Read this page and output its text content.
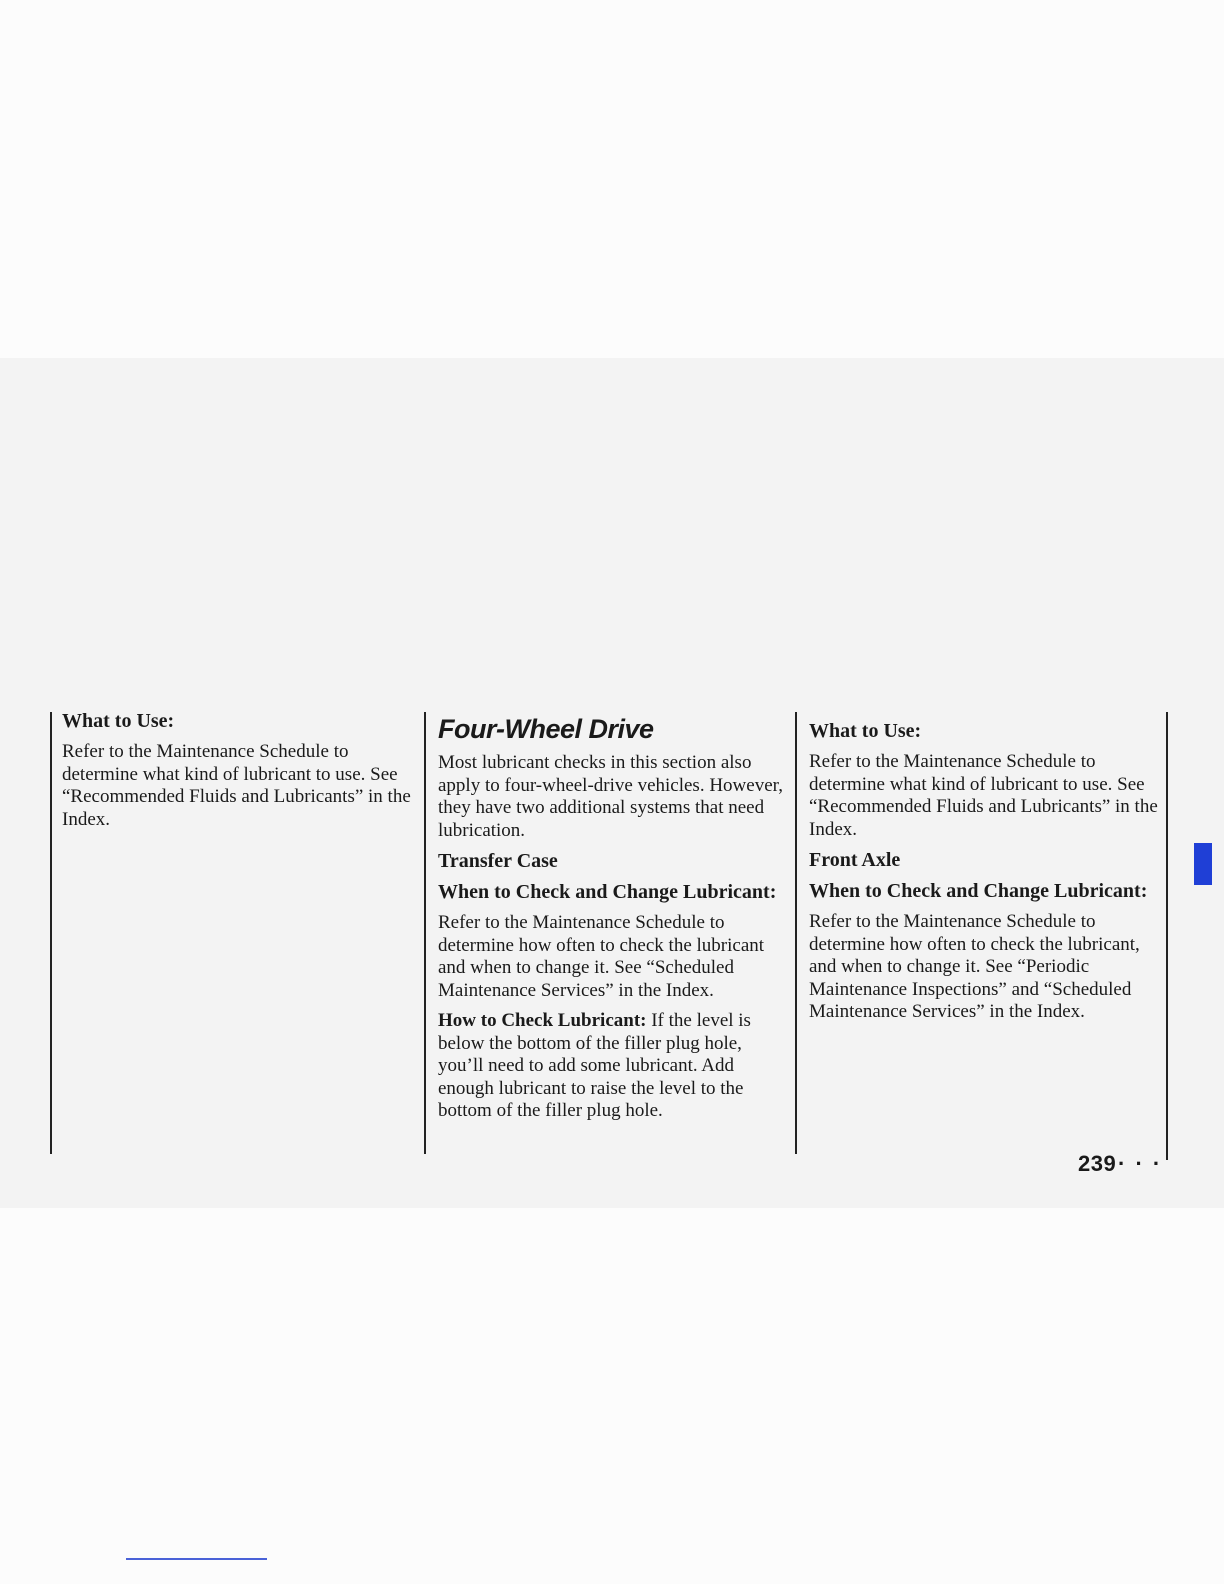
What to Use:

Refer to the Maintenance Schedule to determine what kind of lubricant to use. See “Recommended Fluids and Lubricants” in the Index.

Four-Wheel Drive

Most lubricant checks in this section also apply to four-wheel-drive vehicles. However, they have two additional systems that need lubrication.

Transfer Case
When to Check and Change Lubricant:

Refer to the Maintenance Schedule to determine how often to check the lubricant and when to change it. See “Scheduled Maintenance Services” in the Index.

How to Check Lubricant: If the level is below the bottom of the filler plug hole, you’ll need to add some lubricant. Add enough lubricant to raise the level to the bottom of the filler plug hole.

What to Use:

Refer to the Maintenance Schedule to determine what kind of lubricant to use. See “Recommended Fluids and Lubricants” in the Index.

Front Axle
When to Check and Change Lubricant:

Refer to the Maintenance Schedule to determine how often to check the lubricant, and when to change it. See “Periodic Maintenance Inspections” and “Scheduled Maintenance Services” in the Index.

239 · · ·
